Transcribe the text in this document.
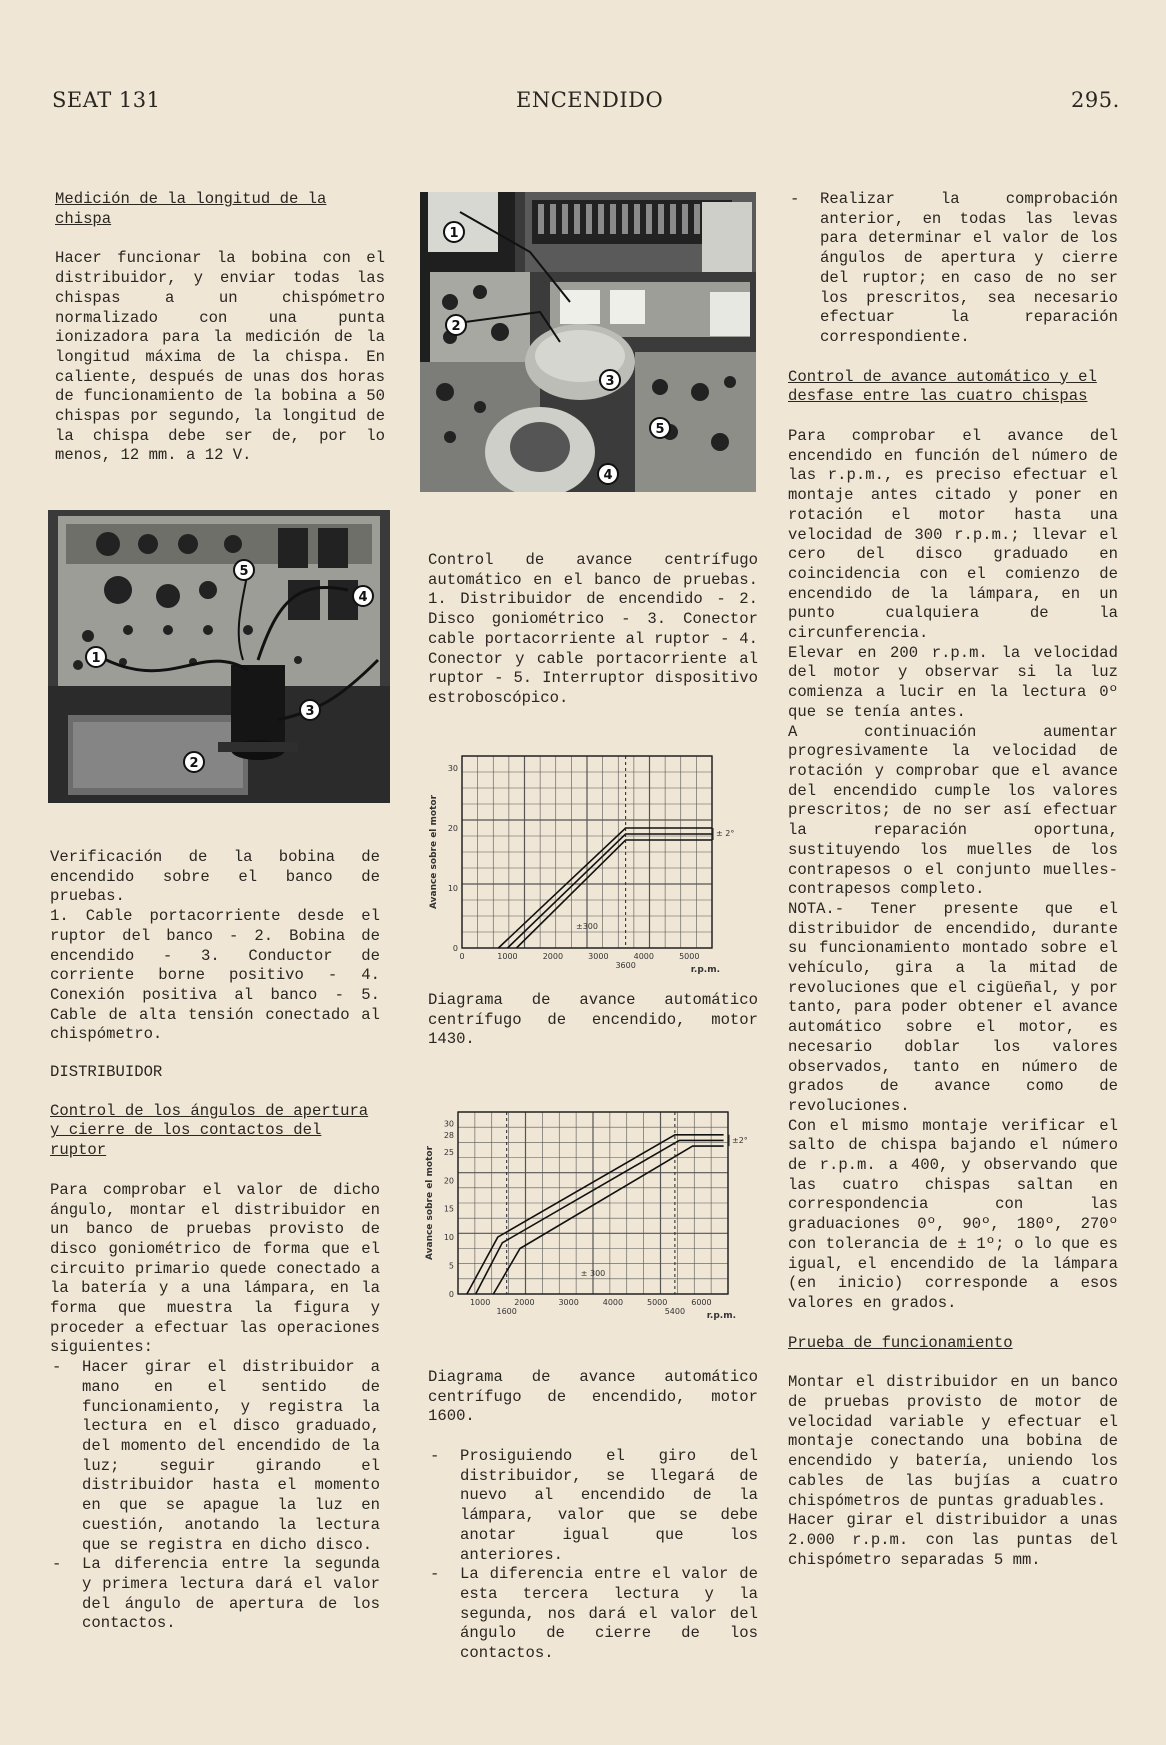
SEAT 131	ENCENDIDO	295.

Medición de la longitud de la chispa

Hacer funcionar la bobina con el distribuidor, y enviar todas las chispas a un chispómetro normalizado con una punta ionizadora para la medición de la longitud máxima de la chispa. En caliente, después de unas dos horas de funcionamiento de la bobina a 50 chispas por segundo, la longitud de la chispa debe ser de, por lo menos, 12 mm. a 12 V.

1
2
3
4
5

Verificación de la bobina de encendido sobre el banco de pruebas.
1. Cable portacorriente desde el ruptor del banco - 2. Bobina de encendido - 3. Conductor de corriente borne positivo - 4. Conexión positiva al banco - 5. Cable de alta tensión conectado al chispómetro.

DISTRIBUIDOR

Control de los ángulos de apertura y cierre de los contactos del ruptor

Para comprobar el valor de dicho ángulo, montar el distribuidor en un banco de pruebas provisto de disco goniométrico de forma que el circuito primario quede conectado a la batería y a una lámpara, en la forma que muestra la figura y proceder a efectuar las operaciones siguientes:

- Hacer girar el distribuidor a mano en el sentido de funcionamiento, y registra la lectura en el disco graduado, del momento del encendido de la luz; seguir girando el distribuidor hasta el momento en que se apague la luz en cuestión, anotando la lectura que se registra en dicho disco.
- La diferencia entre la segunda y primera lectura dará el valor del ángulo de apertura de los contactos.
1
2
3
4
5
Control de avance centrífugo automático en el banco de pruebas. 1. Distribuidor de encendido - 2. Disco goniométrico - 3. Conector cable portacorriente al ruptor - 4. Conector y cable portacorriente al ruptor - 5. Interruptor dispositivo estroboscópico.
0	1000	2000	3000	4000	5000
3600
0
10
20
30
Avance sobre el motor
r.p.m.
± 2°
±300
Diagrama de avance automático centrífugo de encendido, motor 1430.
1000	2000	3000	4000	5000	6000
1600	5400
0
5
10
15
20
25
28
30
Avance sobre el motor
r.p.m.
±2°
± 300
Diagrama de avance automático centrífugo de encendido, motor 1600.
- Prosiguiendo el giro del distribuidor, se llegará de nuevo al encendido de la lámpara, valor que se debe anotar igual que los anteriores.
- La diferencia entre el valor de esta tercera lectura y la segunda, nos dará el valor del ángulo de cierre de los contactos.
- Realizar la comprobación anterior, en todas las levas para determinar el valor de los ángulos de apertura y cierre del ruptor; en caso de no ser los prescritos, sea necesario efectuar la reparación correspondiente.

Control de avance automático y el desfase entre las cuatro chispas

Para comprobar el avance del encendido en función del número de las r.p.m., es preciso efectuar el montaje antes citado y poner en rotación el motor hasta una velocidad de 300 r.p.m.; llevar el cero del disco graduado en coincidencia con el comienzo de encendido de la lámpara, en un punto cualquiera de la circunferencia.

Elevar en 200 r.p.m. la velocidad del motor y observar si la luz comienza a lucir en la lectura 0º que se tenía antes.

A continuación aumentar progresivamente la velocidad de rotación y comprobar que el avance del encendido cumple los valores prescritos; de no ser así efectuar la reparación oportuna, sustituyendo los muelles de los contrapesos o el conjunto muelles-contrapesos completo.

NOTA.- Tener presente que el distribuidor de encendido, durante su funcionamiento montado sobre el vehículo, gira a la mitad de revoluciones que el cigüeñal, y por tanto, para poder obtener el avance automático sobre el motor, es necesario doblar los valores observados, tanto en número de grados de avance como de revoluciones.

Con el mismo montaje verificar el salto de chispa bajando el número de r.p.m. a 400, y observando que las cuatro chispas saltan en correspondencia con las graduaciones 0º, 90º, 180º, 270º con tolerancia de ± 1º; o lo que es igual, el encendido de la lámpara (en inicio) corresponde a esos valores en grados.

Prueba de funcionamiento

Montar el distribuidor en un banco de pruebas provisto de motor de velocidad variable y efectuar el montaje conectando una bobina de encendido y batería, uniendo los cables de las bujías a cuatro chispómetros de puntas graduables.

Hacer girar el distribuidor a unas 2.000 r.p.m. con las puntas del chispómetro separadas 5 mm.
